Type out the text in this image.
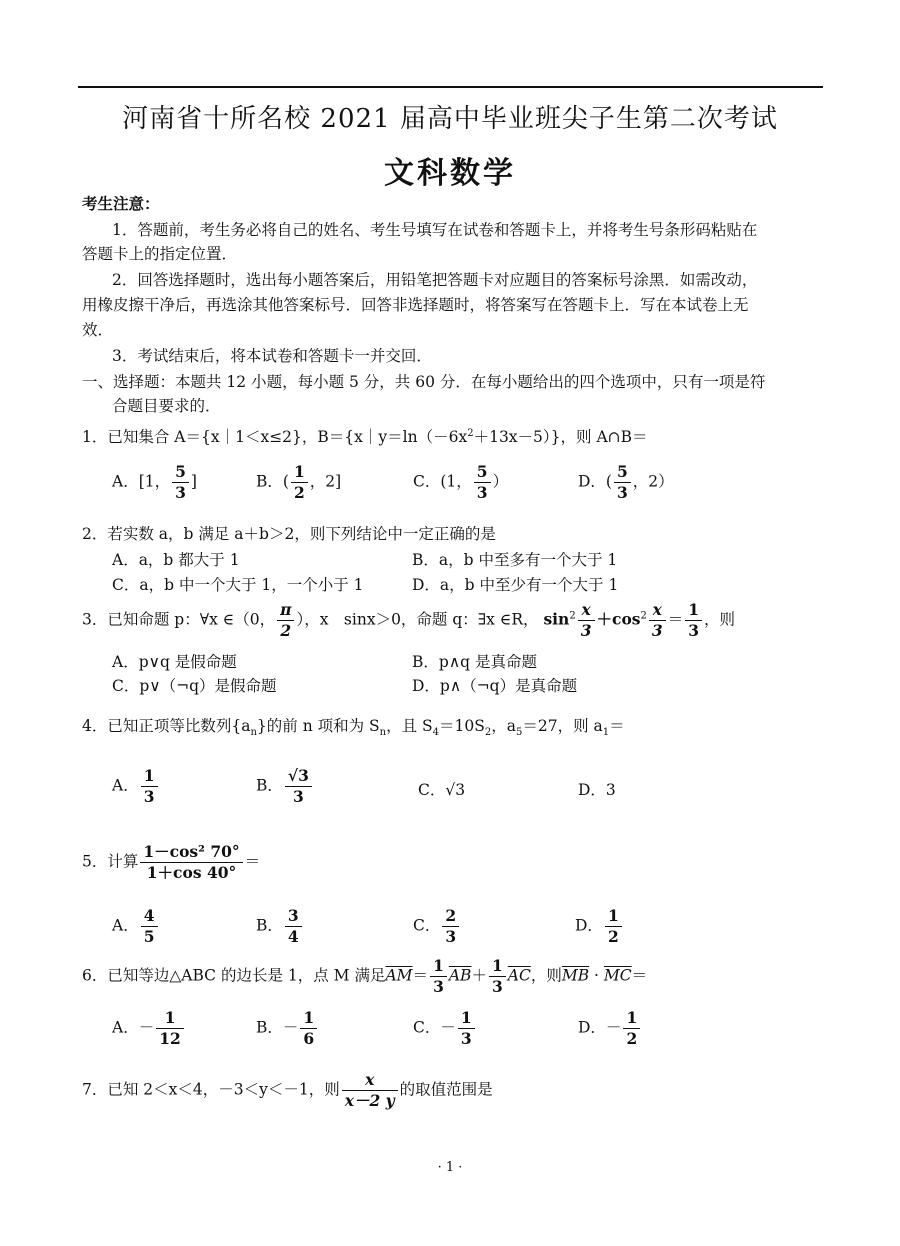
河南省十所名校 2021 届高中毕业班尖子生第二次考试
文科数学
考生注意：
1．答题前，考生务必将自己的姓名、考生号填写在试卷和答题卡上，并将考生号条形码粘贴在
答题卡上的指定位置．
2．回答选择题时，选出每小题答案后，用铅笔把答题卡对应题目的答案标号涂黑．如需改动，
用橡皮擦干净后，再选涂其他答案标号．回答非选择题时，将答案写在答题卡上．写在本试卷上无
效．
3．考试结束后，将本试卷和答题卡一并交回．
一、选择题：本题共 12 小题，每小题 5 分，共 60 分．在每小题给出的四个选项中，只有一项是符
合题目要求的．
1．已知集合 A＝{x｜1＜x≤2}，$B=\{x|y=\ln(-6x^2+13x-5)\}$，则 A∩B＝
A．[1， $\frac{5}{3}$ ]	B．( $\frac{1}{2}$ ，2]	C．(1， $\frac{5}{3}$ ）	D．( $\frac{5}{3}$ ，2）
2．若实数 a，b 满足 a＋b＞2，则下列结论中一定正确的是
A．a，b 都大于 1	B．a，b 中至多有一个大于 1
C．a，b 中一个大于 1，一个小于 1	D．a，b 中至少有一个大于 1
3．已知命题 p：∀x ∈（0， $\frac{\pi}{2}$ ），x　sinx＞0，命题 q：∃x ∈R， $\sin^2 \frac{x}{3} +\cos^2 \frac{x}{3} = \frac{1}{3}$ ，则
A．p∨q 是假命题	B．p∧q 是真命题
C．p∨（¬q）是假命题	D．p∧（¬q）是真命题
4．已知正项等比数列$\{a_n\}$的前 n 项和为 $S_n$，且 $S_4=10S_2$，$a_5=27$，则 $a_1=$
A． $\frac{1}{3}$	B． $\frac{√3}{3}$	C．√3	D．3
5．计算 $\frac{\text{1－cos² 70°}}{1+\cos 40^\circ}$ ＝
A． $\frac{4}{5}$	B． $\frac{3}{4}$	C． $\frac{2}{3}$	D． $\frac{1}{2}$
6．已知等边△ABC 的边长是 1，点 M 满足$\overline{AM}= \frac{1}{3} \overline{AB}+ \frac{1}{3} \overline{AC}$，则$\overline{MB} \cdot \overline{MC}=$
A．－ $\frac{1}{12}$	B．－ $\frac{1}{6}$	C．－ $\frac{1}{3}$	D．－ $\frac{1}{2}$
7．已知 2＜x＜4，－3＜y＜－1，则 $\frac{x}{x-2 y}$ 的取值范围是
· 1 ·
